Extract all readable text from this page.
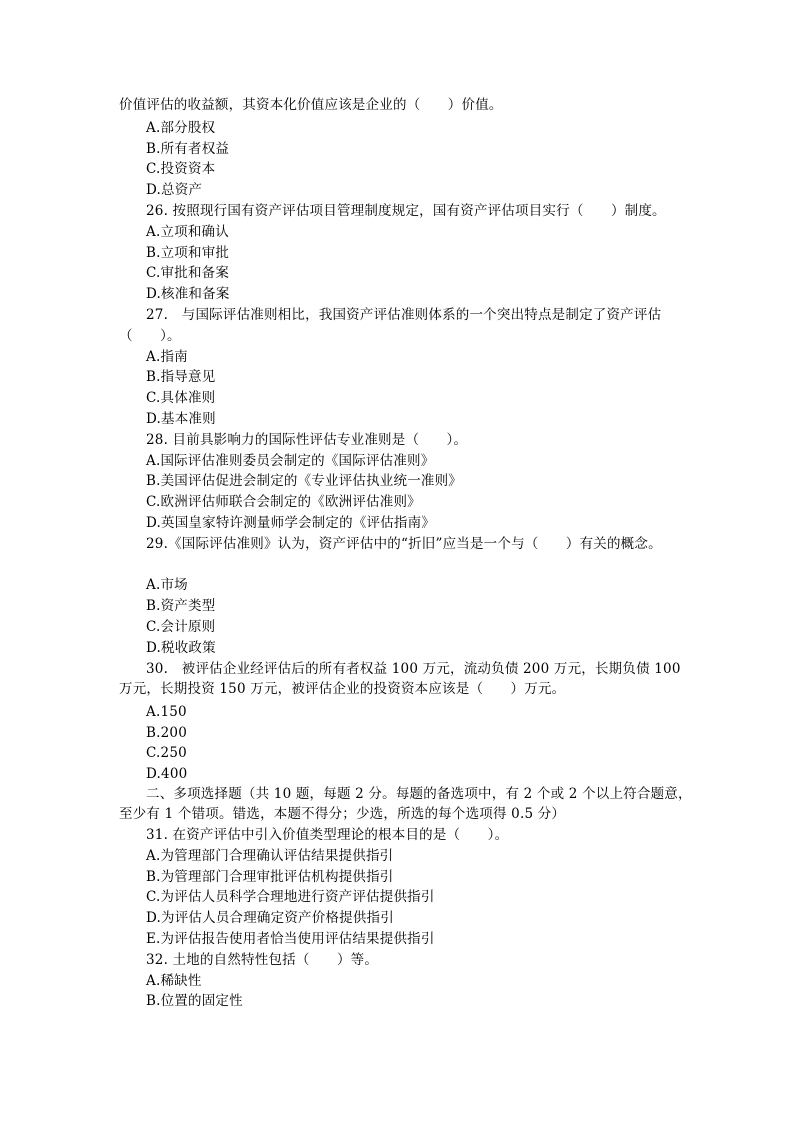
价值评估的收益额，其资本化价值应该是企业的（　　）价值。
A.部分股权
B.所有者权益
C.投资资本
D.总资产
26. 按照现行国有资产评估项目管理制度规定，国有资产评估项目实行（　　）制度。
A.立项和确认
B.立项和审批
C.审批和备案
D.核准和备案
27.　与国际评估准则相比，我国资产评估准则体系的一个突出特点是制定了资产评估
（　　）。
A.指南
B.指导意见
C.具体准则
D.基本准则
28. 目前具影响力的国际性评估专业准则是（　　）。
A.国际评估准则委员会制定的《国际评估准则》
B.美国评估促进会制定的《专业评估执业统一准则》
C.欧洲评估师联合会制定的《欧洲评估准则》
D.英国皇家特许测量师学会制定的《评估指南》
29.《国际评估准则》认为，资产评估中的“折旧”应当是一个与（　　）有关的概念。
A.市场
B.资产类型
C.会计原则
D.税收政策
30.　被评估企业经评估后的所有者权益 100 万元，流动负债 200 万元，长期负债 100
万元，长期投资 150 万元，被评估企业的投资资本应该是（　　）万元。
A.150
B.200
C.250
D.400
二、多项选择题（共 10 题，每题 2 分。每题的备选项中，有 2 个或 2 个以上符合题意，
至少有 1 个错项。错选，本题不得分；少选，所选的每个选项得 0.5 分）
31. 在资产评估中引入价值类型理论的根本目的是（　　）。
A.为管理部门合理确认评估结果提供指引
B.为管理部门合理审批评估机构提供指引
C.为评估人员科学合理地进行资产评估提供指引
D.为评估人员合理确定资产价格提供指引
E.为评估报告使用者恰当使用评估结果提供指引
32. 土地的自然特性包括（　　）等。
A.稀缺性
B.位置的固定性
